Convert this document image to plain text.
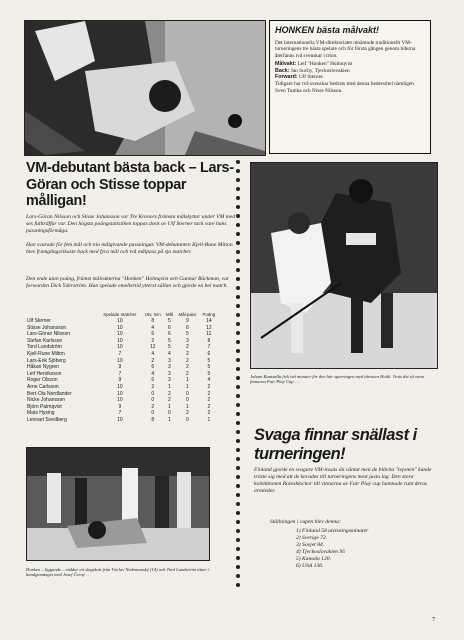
HONKEN bästa målvakt!

Det internationella VM-direktoriatet utnämnde traditionellt VM-turneringens tre bästa spelare och för första gången genom tiderna återfanns två svenskar i trion.

Målvakt: Leif "Honken" Holmqvist

Back: Jan Suchy, Tjeckoslovakien

Forward: Ulf Sterner.

Tidigare har två svenskar hedrats med denna hederstitel nämligen Sven Tumba och Nisse Nilsson.

VM-debutant bästa back – Lars-Göran och Stisse toppar målligan!

Lars-Göran Nilsson och Stisse Johansson var Tre Kronors främsta målskyttar under VM med sex fullträffar var. Den högsta poängstatistiken toppas dock av Ulf Sterner tack vare hans passningsförmåga.

Han svarade för fem mål och nio målgivande passningar. VM-debutanten Kjell-Rune Milton blev framgångsrikaste back med fyra mål och två målpass på sju matcher.

Den ende utan poäng, främst målvakterna "Honken" Holmqvist och Gunnar Bäckman, var forwarden Dick Yderström. Han spelade emellertid ytterst sällan och gjorde en hel match.

	Spelade matcher	Utv. min	Mål	Mål-pass	Poäng
Ulf Sterner	10	8	5	9	14
Stisse Johansson	10	4	6	6	12
Lars-Göran Nilsson	10	6	6	5	11
Stefan Karlsson	10	2	5	3	8
Tord Lundström	10	12	5	2	7
Kjell-Rune Milton	7	4	4	2	6
Lars-Erik Sjöberg	10	2	3	2	5
Håkan Nygren	9	6	3	2	5
Leif Henriksson	7	4	3	2	5
Roger Olsson	9	6	3	1	4
Arne Carlsson	10	2	1	1	2
Bert-Ola Nordlander	10	0	2	0	2
Nicke Johansson	10	0	2	0	2
Björn Palmqvist	9	2	1	1	2
Mats Hysing	7	0	0	2	2
Lennart Svedberg	10	8	1	0	1

Honken – liggande – räddar ett slagskott från Václav Nedomanský (14) och Tord Lundström tittar i handgemänget med Josef Černý . .

Juhani Rantsalla fick två minuter för den här sparringen med tåresten Holik. Trots det så vann finnarna Fair Play Cup . . .

Svaga finnar snällast i turneringen!

Finland gjorde en svagare VM-insats än väntat men de blåvita "lejonen" kunde tröste sig med att de korades till turneringens mest justa lag. Den stora kollektionen Rolexklockor till vinnarna av Fair Play cup hamnade runt deras armleder.

Ställningen i cupen blev denna:

1) Finland 58 utvisningsminuter
2) Sverige 72.
3) Sovjet 84.
4) Tjeckoslovakien 95
5) Kanada 120.
6) USA 136.
7
